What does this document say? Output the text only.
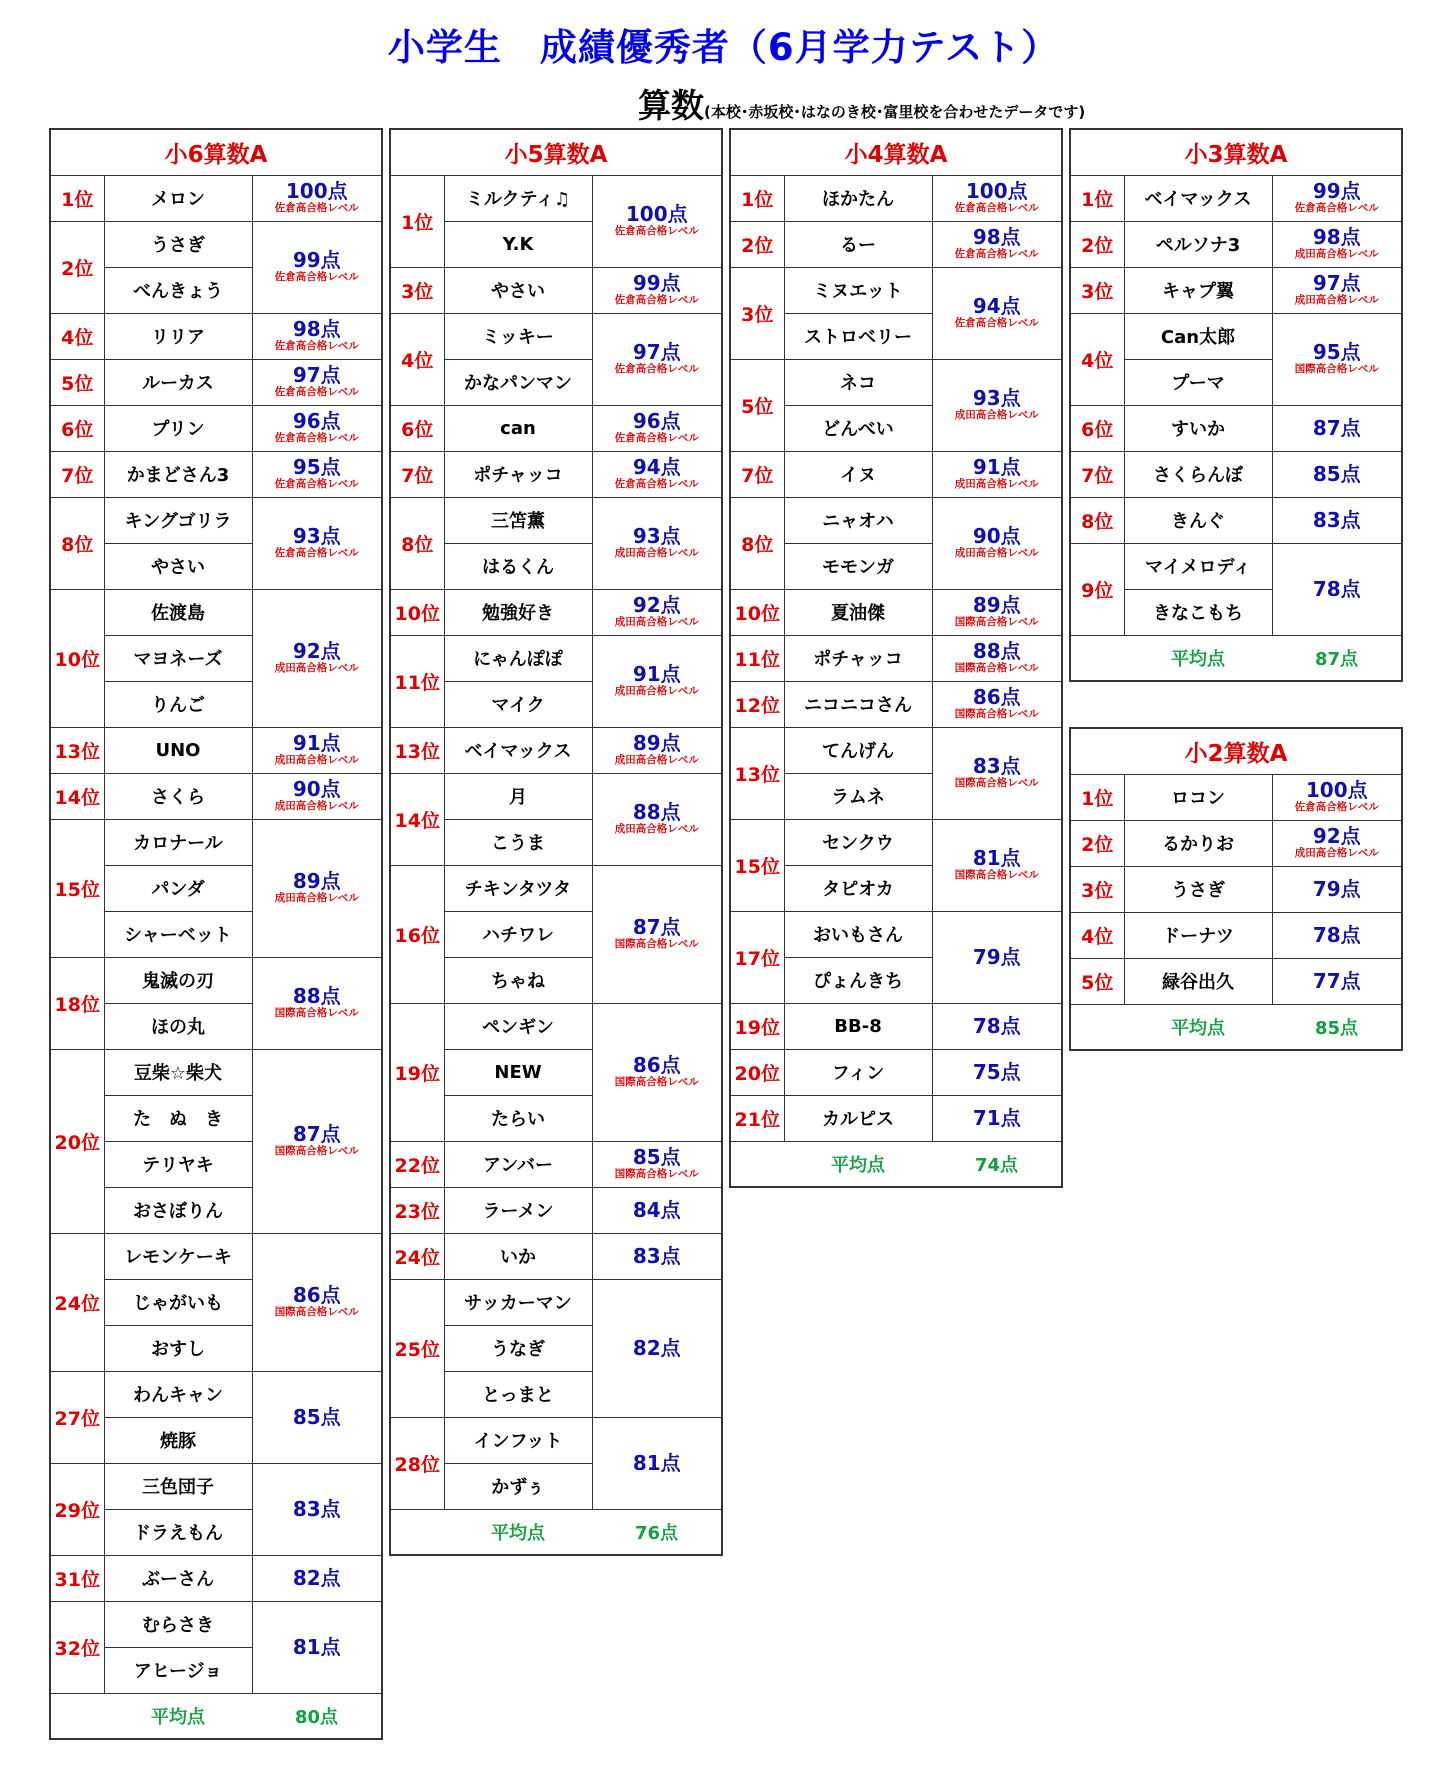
小学生　成績優秀者（6月学力テスト）
算数(本校･赤坂校･はなのき校･富里校を合わせたデータです)
小6算数A		
1位	メロン	100点
佐倉高合格レベル

2位	うさぎ	99点
佐倉高合格レベル

	べんきょう	
4位	リリア	98点
佐倉高合格レベル

5位	ルーカス	97点
佐倉高合格レベル

6位	プリン	96点
佐倉高合格レベル

7位	かまどさん3	95点
佐倉高合格レベル

8位	キングゴリラ	93点
佐倉高合格レベル

	やさい	
10位	佐渡島	92点
成田高合格レベル

	マヨネーズ	
	りんご	
13位	UNO	91点
成田高合格レベル

14位	さくら	90点
成田高合格レベル

15位	カロナール	89点
成田高合格レベル

	パンダ	
	シャーベット	
18位	鬼滅の刃	88点
国際高合格レベル

	ほの丸	
20位	豆柴☆柴犬	87点
国際高合格レベル

	た　ぬ　き	
	テリヤキ	
	おさぼりん	
24位	レモンケーキ	86点
国際高合格レベル

	じゃがいも	
	おすし	
27位	わんキャン	85点

	焼豚	
29位	三色団子	83点

	ドラえもん	
31位	ぶーさん	82点

32位	むらさき	81点

	アヒージョ	
	平均点	80点
小5算数A		
1位	ミルクティ♫	100点
佐倉高合格レベル

	Y.K	
3位	やさい	99点
佐倉高合格レベル

4位	ミッキー	97点
佐倉高合格レベル

	かなパンマン	
6位	can	96点
佐倉高合格レベル

7位	ポチャッコ	94点
佐倉高合格レベル

8位	三笘薫	93点
成田高合格レベル

	はるくん	
10位	勉強好き	92点
成田高合格レベル

11位	にゃんぽぽ	91点
成田高合格レベル

	マイク	
13位	ベイマックス	89点
成田高合格レベル

14位	月	88点
成田高合格レベル

	こうま	
16位	チキンタツタ	87点
国際高合格レベル

	ハチワレ	
	ちゃね	
19位	ペンギン	86点
国際高合格レベル

	NEW	
	たらい	
22位	アンバー	85点
国際高合格レベル

23位	ラーメン	84点

24位	いか	83点

25位	サッカーマン	82点

	うなぎ	
	とっまと	
28位	インフット	81点

	かずぅ	
	平均点	76点
小4算数A		
1位	ほかたん	100点
佐倉高合格レベル

2位	るー	98点
佐倉高合格レベル

3位	ミヌエット	94点
佐倉高合格レベル

	ストロベリー	
5位	ネコ	93点
成田高合格レベル

	どんべい	
7位	イヌ	91点
成田高合格レベル

8位	ニャオハ	90点
成田高合格レベル

	モモンガ	
10位	夏油傑	89点
国際高合格レベル

11位	ポチャッコ	88点
国際高合格レベル

12位	ニコニコさん	86点
国際高合格レベル

13位	てんげん	83点
国際高合格レベル

	ラムネ	
15位	センクウ	81点
国際高合格レベル

	タピオカ	
17位	おいもさん	79点

	ぴょんきち	
19位	BB-8	78点

20位	フィン	75点

21位	カルピス	71点

	平均点	74点
小3算数A		
1位	ベイマックス	99点
佐倉高合格レベル

2位	ペルソナ3	98点
成田高合格レベル

3位	キャプ翼	97点
成田高合格レベル

4位	Can太郎	95点
国際高合格レベル

	プーマ	
6位	すいか	87点

7位	さくらんぼ	85点

8位	きんぐ	83点

9位	マイメロディ	78点

	きなこもち	
	平均点	87点
小2算数A		
1位	ロコン	100点
佐倉高合格レベル

2位	るかりお	92点
成田高合格レベル

3位	うさぎ	79点

4位	ドーナツ	78点

5位	緑谷出久	77点

	平均点	85点
